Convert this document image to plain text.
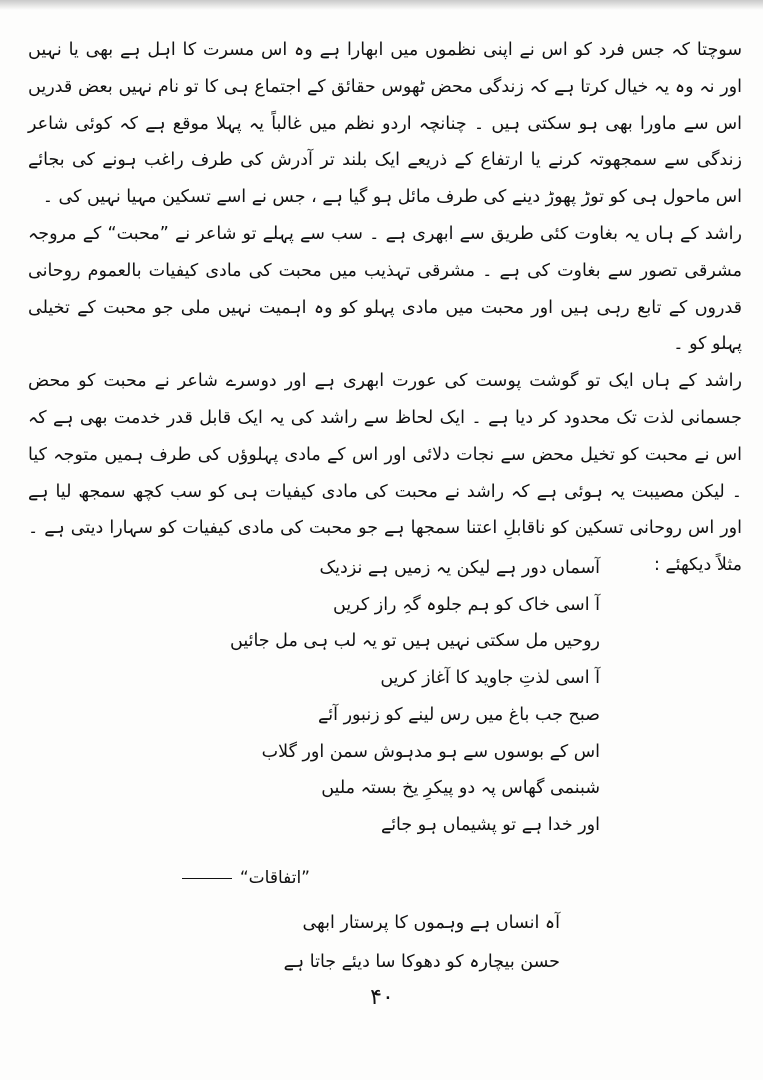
سوچتا کہ جس فرد کو اس نے اپنی نظموں میں ابھارا ہے وہ اس مسرت کا اہل ہے بھی یا نہیں اور نہ وہ یہ خیال کرتا ہے کہ زندگی محض ٹھوس حقائق کے اجتماع ہی کا تو نام نہیں بعض قدریں اس سے ماورا بھی ہو سکتی ہیں ۔ چنانچہ اردو نظم میں غالباً یہ پہلا موقع ہے کہ کوئی شاعر زندگی سے سمجھوتہ کرنے یا ارتفاع کے ذریعے ایک بلند تر آدرش کی طرف راغب ہونے کی بجائے اس ماحول ہی کو توڑ پھوڑ دینے کی طرف مائل ہو گیا ہے ، جس نے اسے تسکین مہیا نہیں کی ۔

راشد کے ہاں یہ بغاوت کئی طریق سے ابھری ہے ۔ سب سے پہلے تو شاعر نے ”محبت“ کے مروجہ مشرقی تصور سے بغاوت کی ہے ۔ مشرقی تہذیب میں محبت کی مادی کیفیات بالعموم روحانی قدروں کے تابع رہی ہیں اور محبت میں مادی پہلو کو وہ اہمیت نہیں ملی جو محبت کے تخیلی پہلو کو ۔

راشد کے ہاں ایک تو گوشت پوست کی عورت ابھری ہے اور دوسرے شاعر نے محبت کو محض جسمانی لذت تک محدود کر دیا ہے ۔ ایک لحاظ سے راشد کی یہ ایک قابل قدر خدمت بھی ہے کہ اس نے محبت کو تخیل محض سے نجات دلائی اور اس کے مادی پہلوؤں کی طرف ہمیں متوجہ کیا ۔ لیکن مصیبت یہ ہوئی ہے کہ راشد نے محبت کی مادی کیفیات ہی کو سب کچھ سمجھ لیا ہے اور اس روحانی تسکین کو ناقابلِ اعتنا سمجھا ہے جو محبت کی مادی کیفیات کو سہارا دیتی ہے ۔ مثلاً دیکھئے :

آسماں دور ہے لیکن یہ زمیں ہے نزدیک
آ اسی خاک کو ہم جلوہ گہِ راز کریں
روحیں مل سکتی نہیں ہیں تو یہ لب ہی مل جائیں
آ اسی لذتِ جاوید کا آغاز کریں
صبح جب باغ میں رس لینے کو زنبور آئے
اس کے بوسوں سے ہو مدہوش سمن اور گلاب
شبنمی گھاس پہ دو پیکرِ یخ بستہ ملیں
اور خدا ہے تو پشیماں ہو جائے
”اتفاقات“
آہ انساں ہے وہموں کا پرستار ابھی
حسن بیچارہ کو دھوکا سا دیئے جاتا ہے
۴۰
